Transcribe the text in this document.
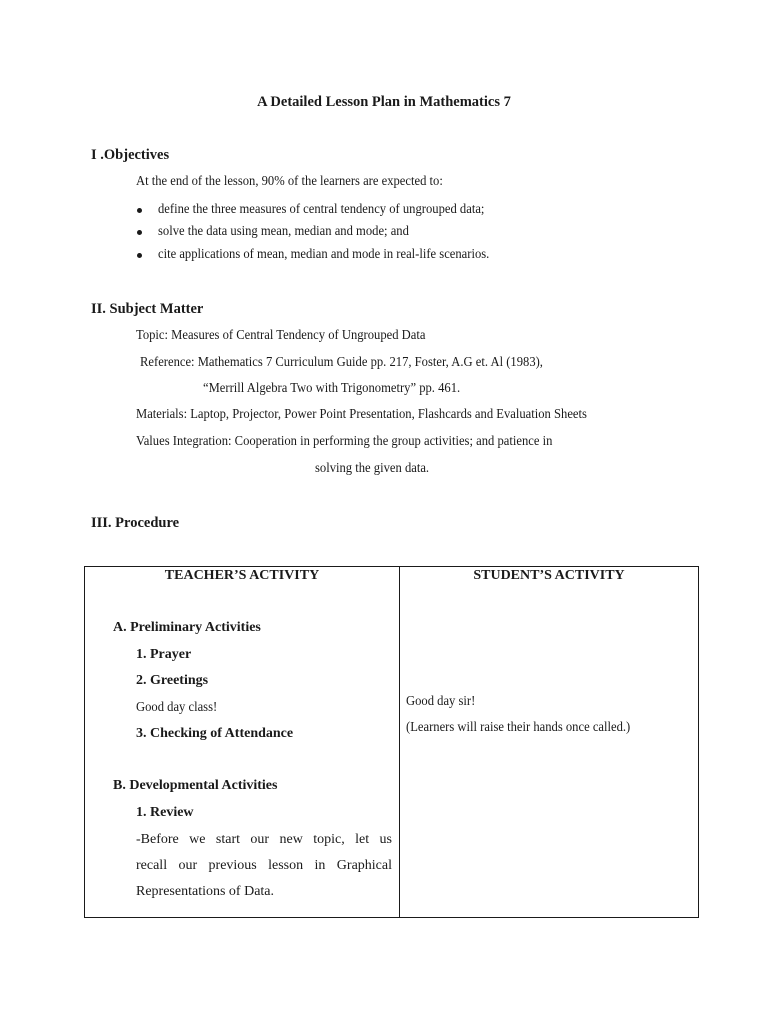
A Detailed Lesson Plan in Mathematics 7
I .Objectives
At the end of the lesson, 90% of the learners are expected to:
define the three measures of central tendency of ungrouped data;
solve the data using mean, median and mode; and
cite applications of mean, median and mode in real-life scenarios.
II. Subject Matter
Topic: Measures of Central Tendency of Ungrouped Data
Reference: Mathematics 7 Curriculum Guide pp. 217, Foster, A.G et. Al (1983),
“Merrill Algebra Two with Trigonometry” pp. 461.
Materials: Laptop, Projector, Power Point Presentation, Flashcards and Evaluation Sheets
Values Integration: Cooperation in performing the group activities; and patience in
solving the given data.
III. Procedure
TEACHER’S ACTIVITY	STUDENT’S ACTIVITY
A. Preliminary Activities
1. Prayer
2. Greetings
Good day class!
3. Checking of Attendance
B. Developmental Activities
1. Review
-Before we start our new topic, let us
recall our previous lesson in Graphical
Representations of Data.
Good day sir!
(Learners will raise their hands once called.)
